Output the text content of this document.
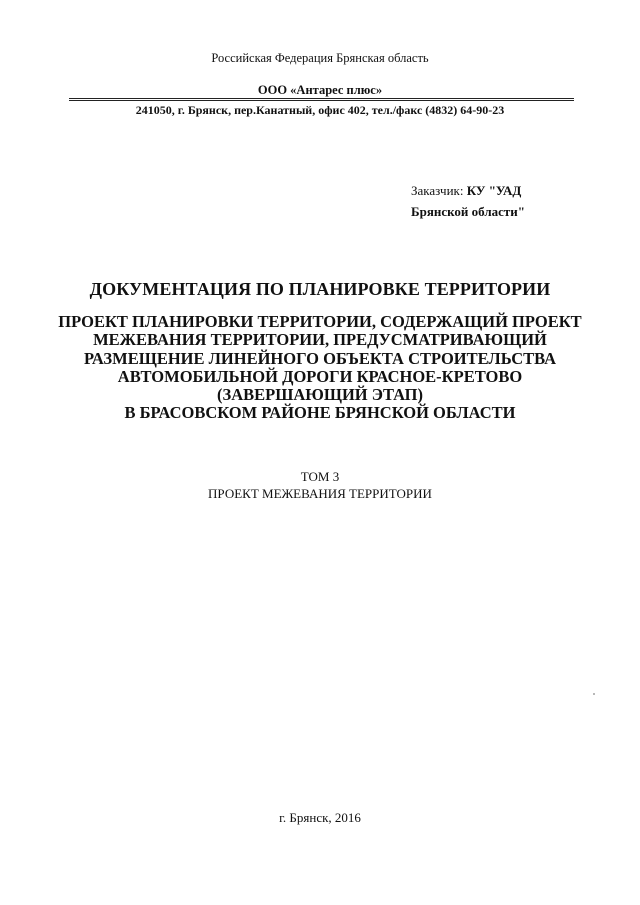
Российская Федерация Брянская область
ООО «Антарес плюс»
241050, г. Брянск, пер.Канатный, офис 402, тел./факс (4832) 64-90-23
Заказчик: КУ "УАД
Брянской области"
ДОКУМЕНТАЦИЯ ПО ПЛАНИРОВКЕ ТЕРРИТОРИИ
ПРОЕКТ ПЛАНИРОВКИ ТЕРРИТОРИИ, СОДЕРЖАЩИЙ ПРОЕКТ
МЕЖЕВАНИЯ ТЕРРИТОРИИ, ПРЕДУСМАТРИВАЮЩИЙ
РАЗМЕЩЕНИЕ ЛИНЕЙНОГО ОБЪЕКТА СТРОИТЕЛЬСТВА
АВТОМОБИЛЬНОЙ ДОРОГИ КРАСНОЕ-КРЕТОВО
(ЗАВЕРШАЮЩИЙ ЭТАП)
В БРАСОВСКОМ РАЙОНЕ БРЯНСКОЙ ОБЛАСТИ
ТОМ 3
ПРОЕКТ МЕЖЕВАНИЯ ТЕРРИТОРИИ
г. Брянск, 2016
